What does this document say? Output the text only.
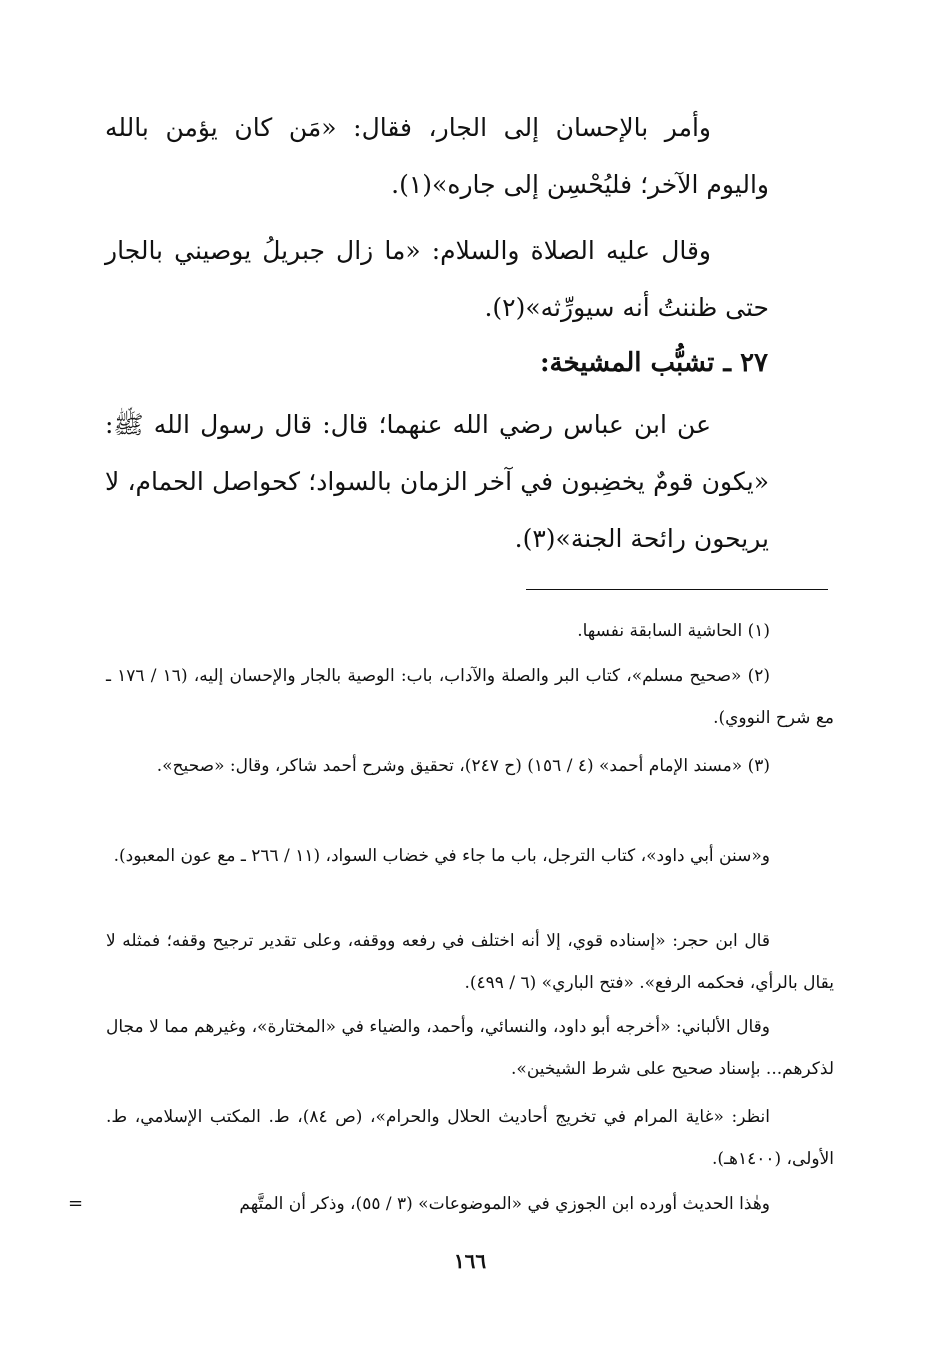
وأمر بالإحسان إلى الجار، فقال: «مَن كان يؤمن بالله واليوم الآخر؛ فليُحْسِن إلى جاره»(١).

وقال عليه الصلاة والسلام: «ما زال جبريلُ يوصيني بالجار حتى ظننتُ أنه سيورِّثه»(٢).

٢٧ ـ تشبُّب المشيخة:

عن ابن عباس رضي الله عنهما؛ قال: قال رسول الله ﷺ: «يكون قومٌ يخضِبون في آخر الزمان بالسواد؛ كحواصل الحمام، لا يريحون رائحة الجنة»(٣).

(١) الحاشية السابقة نفسها.

(٢) «صحيح مسلم»، كتاب البر والصلة والآداب، باب: الوصية بالجار والإحسان إليه، (١٦ / ١٧٦ ـ مع شرح النووي).

(٣) «مسند الإمام أحمد» (٤ / ١٥٦) (ح ٢٤٧)، تحقيق وشرح أحمد شاكر، وقال: «صحيح».

و«سنن أبي داود»، كتاب الترجل، باب ما جاء في خضاب السواد، (١١ / ٢٦٦ ـ مع عون المعبود).

قال ابن حجر: «إسناده قوي، إلا أنه اختلف في رفعه ووقفه، وعلى تقدير ترجيح وقفه؛ فمثله لا يقال بالرأي، فحكمه الرفع». «فتح الباري» (٦ / ٤٩٩).

وقال الألباني: «أخرجه أبو داود، والنسائي، وأحمد، والضياء في «المختارة»، وغيرهم مما لا مجال لذكرهم... بإسناد صحيح على شرط الشيخين».

انظر: «غاية المرام في تخريج أحاديث الحلال والحرام»، (ص ٨٤)، ط. المكتب الإسلامي، ط. الأولى، (١٤٠٠هـ).

وهٰذا الحديث أورده ابن الجوزي في «الموضوعات» (٣ / ٥٥)، وذكر أن المتَّهم

=
١٦٦
